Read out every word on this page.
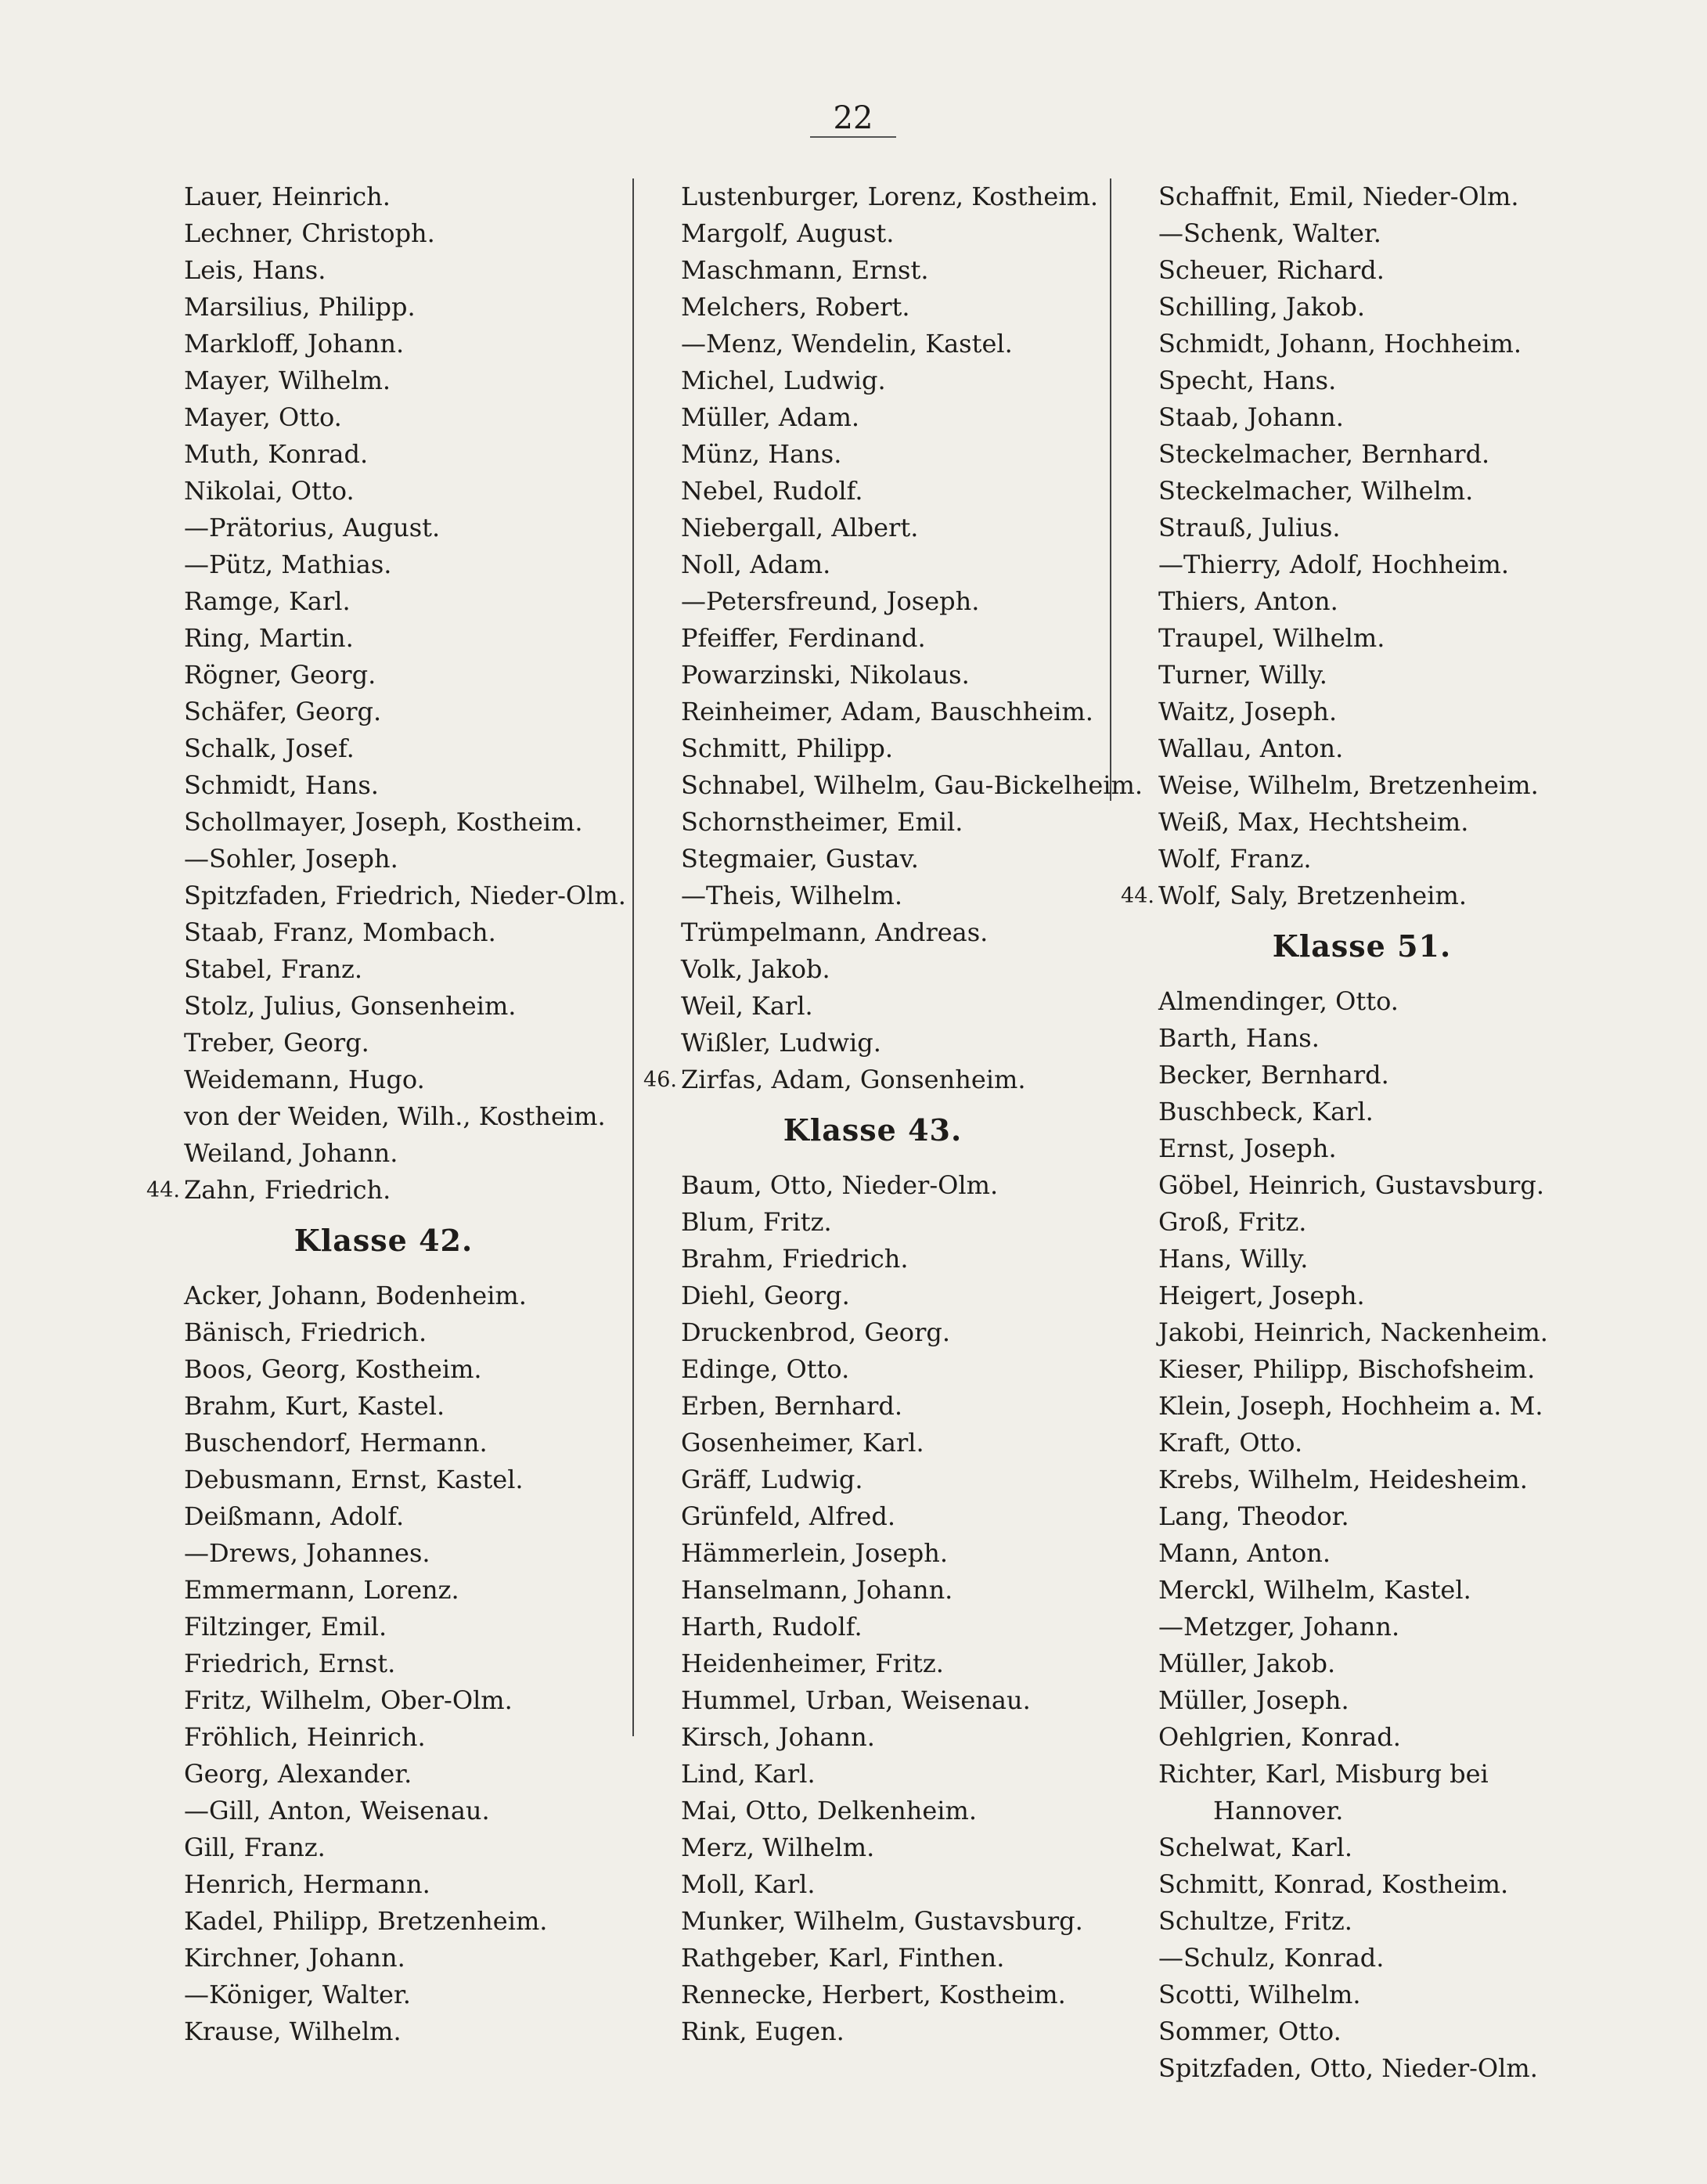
22
Lauer, Heinrich.
Lechner, Christoph.
Leis, Hans.
Marsilius, Philipp.
Markloff, Johann.
Mayer, Wilhelm.
Mayer, Otto.
Muth, Konrad.
Nikolai, Otto.
—Prätorius, August.
—Pütz, Mathias.
Ramge, Karl.
Ring, Martin.
Rögner, Georg.
Schäfer, Georg.
Schalk, Josef.
Schmidt, Hans.
Schollmayer, Joseph, Kostheim.
—Sohler, Joseph.
Spitzfaden, Friedrich, Nieder-Olm.
Staab, Franz, Mombach.
Stabel, Franz.
Stolz, Julius, Gonsenheim.
Treber, Georg.
Weidemann, Hugo.
von der Weiden, Wilh., Kostheim.
Weiland, Johann.
44. Zahn, Friedrich.
Klasse 42.
Acker, Johann, Bodenheim.
Bänisch, Friedrich.
Boos, Georg, Kostheim.
Brahm, Kurt, Kastel.
Buschendorf, Hermann.
Debusmann, Ernst, Kastel.
Deißmann, Adolf.
—Drews, Johannes.
Emmermann, Lorenz.
Filtzinger, Emil.
Friedrich, Ernst.
Fritz, Wilhelm, Ober-Olm.
Fröhlich, Heinrich.
Georg, Alexander.
—Gill, Anton, Weisenau.
Gill, Franz.
Henrich, Hermann.
Kadel, Philipp, Bretzenheim.
Kirchner, Johann.
—Königer, Walter.
Krause, Wilhelm.
Lustenburger, Lorenz, Kostheim.
Margolf, August.
Maschmann, Ernst.
Melchers, Robert.
—Menz, Wendelin, Kastel.
Michel, Ludwig.
Müller, Adam.
Münz, Hans.
Nebel, Rudolf.
Niebergall, Albert.
Noll, Adam.
—Petersfreund, Joseph.
Pfeiffer, Ferdinand.
Powarzinski, Nikolaus.
Reinheimer, Adam, Bauschheim.
Schmitt, Philipp.
Schnabel, Wilhelm, Gau-Bickelheim.
Schornstheimer, Emil.
Stegmaier, Gustav.
—Theis, Wilhelm.
Trümpelmann, Andreas.
Volk, Jakob.
Weil, Karl.
Wißler, Ludwig.
46. Zirfas, Adam, Gonsenheim.
Klasse 43.
Baum, Otto, Nieder-Olm.
Blum, Fritz.
Brahm, Friedrich.
Diehl, Georg.
Druckenbrod, Georg.
Edinge, Otto.
Erben, Bernhard.
Gosenheimer, Karl.
Gräff, Ludwig.
Grünfeld, Alfred.
Hämmerlein, Joseph.
Hanselmann, Johann.
Harth, Rudolf.
Heidenheimer, Fritz.
Hummel, Urban, Weisenau.
Kirsch, Johann.
Lind, Karl.
Mai, Otto, Delkenheim.
Merz, Wilhelm.
Moll, Karl.
Munker, Wilhelm, Gustavsburg.
Rathgeber, Karl, Finthen.
Rennecke, Herbert, Kostheim.
Rink, Eugen.
Schaffnit, Emil, Nieder-Olm.
—Schenk, Walter.
Scheuer, Richard.
Schilling, Jakob.
Schmidt, Johann, Hochheim.
Specht, Hans.
Staab, Johann.
Steckelmacher, Bernhard.
Steckelmacher, Wilhelm.
Strauß, Julius.
—Thierry, Adolf, Hochheim.
Thiers, Anton.
Traupel, Wilhelm.
Turner, Willy.
Waitz, Joseph.
Wallau, Anton.
Weise, Wilhelm, Bretzenheim.
Weiß, Max, Hechtsheim.
Wolf, Franz.
44. Wolf, Saly, Bretzenheim.
Klasse 51.
Almendinger, Otto.
Barth, Hans.
Becker, Bernhard.
Buschbeck, Karl.
Ernst, Joseph.
Göbel, Heinrich, Gustavsburg.
Groß, Fritz.
Hans, Willy.
Heigert, Joseph.
Jakobi, Heinrich, Nackenheim.
Kieser, Philipp, Bischofsheim.
Klein, Joseph, Hochheim a. M.
Kraft, Otto.
Krebs, Wilhelm, Heidesheim.
Lang, Theodor.
Mann, Anton.
Merckl, Wilhelm, Kastel.
—Metzger, Johann.
Müller, Jakob.
Müller, Joseph.
Oehlgrien, Konrad.
Richter, Karl, Misburg bei
Hannover.
Schelwat, Karl.
Schmitt, Konrad, Kostheim.
Schultze, Fritz.
—Schulz, Konrad.
Scotti, Wilhelm.
Sommer, Otto.
Spitzfaden, Otto, Nieder-Olm.
